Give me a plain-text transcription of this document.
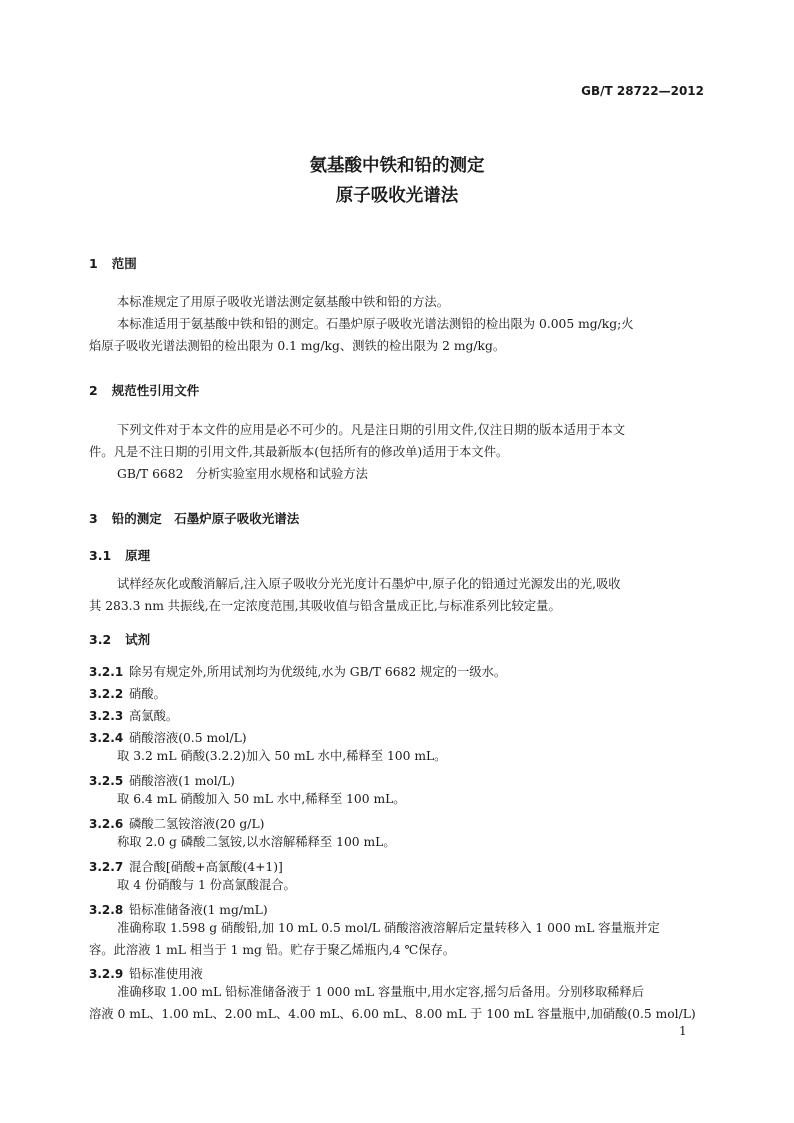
GB/T 28722—2012
氨基酸中铁和铅的测定
原子吸收光谱法
1 范围
本标准规定了用原子吸收光谱法测定氨基酸中铁和铅的方法。
本标准适用于氨基酸中铁和铅的测定。石墨炉原子吸收光谱法测铅的检出限为 0.005 mg/kg;火
焰原子吸收光谱法测铅的检出限为 0.1 mg/kg、测铁的检出限为 2 mg/kg。
2 规范性引用文件
下列文件对于本文件的应用是必不可少的。凡是注日期的引用文件,仅注日期的版本适用于本文
件。凡是不注日期的引用文件,其最新版本(包括所有的修改单)适用于本文件。
GB/T 6682　分析实验室用水规格和试验方法
3 铅的测定　石墨炉原子吸收光谱法
3.1 原理
试样经灰化或酸消解后,注入原子吸收分光光度计石墨炉中,原子化的铅通过光源发出的光,吸收
其 283.3 nm 共振线,在一定浓度范围,其吸收值与铅含量成正比,与标准系列比较定量。
3.2 试剂
3.2.1 除另有规定外,所用试剂均为优级纯,水为 GB/T 6682 规定的一级水。
3.2.2 硝酸。
3.2.3 高氯酸。
3.2.4 硝酸溶液(0.5 mol/L)
取 3.2 mL 硝酸(3.2.2)加入 50 mL 水中,稀释至 100 mL。
3.2.5 硝酸溶液(1 mol/L)
取 6.4 mL 硝酸加入 50 mL 水中,稀释至 100 mL。
3.2.6 磷酸二氢铵溶液(20 g/L)
称取 2.0 g 磷酸二氢铵,以水溶解稀释至 100 mL。
3.2.7 混合酸[硝酸+高氯酸(4+1)]
取 4 份硝酸与 1 份高氯酸混合。
3.2.8 铅标准储备液(1 mg/mL)
准确称取 1.598 g 硝酸铅,加 10 mL 0.5 mol/L 硝酸溶液溶解后定量转移入 1 000 mL 容量瓶并定
容。此溶液 1 mL 相当于 1 mg 铅。贮存于聚乙烯瓶内,4 ℃保存。
3.2.9 铅标准使用液
准确移取 1.00 mL 铅标准储备液于 1 000 mL 容量瓶中,用水定容,摇匀后备用。分别移取稀释后
溶液 0 mL、1.00 mL、2.00 mL、4.00 mL、6.00 mL、8.00 mL 于 100 mL 容量瓶中,加硝酸(0.5 mol/L)
1
